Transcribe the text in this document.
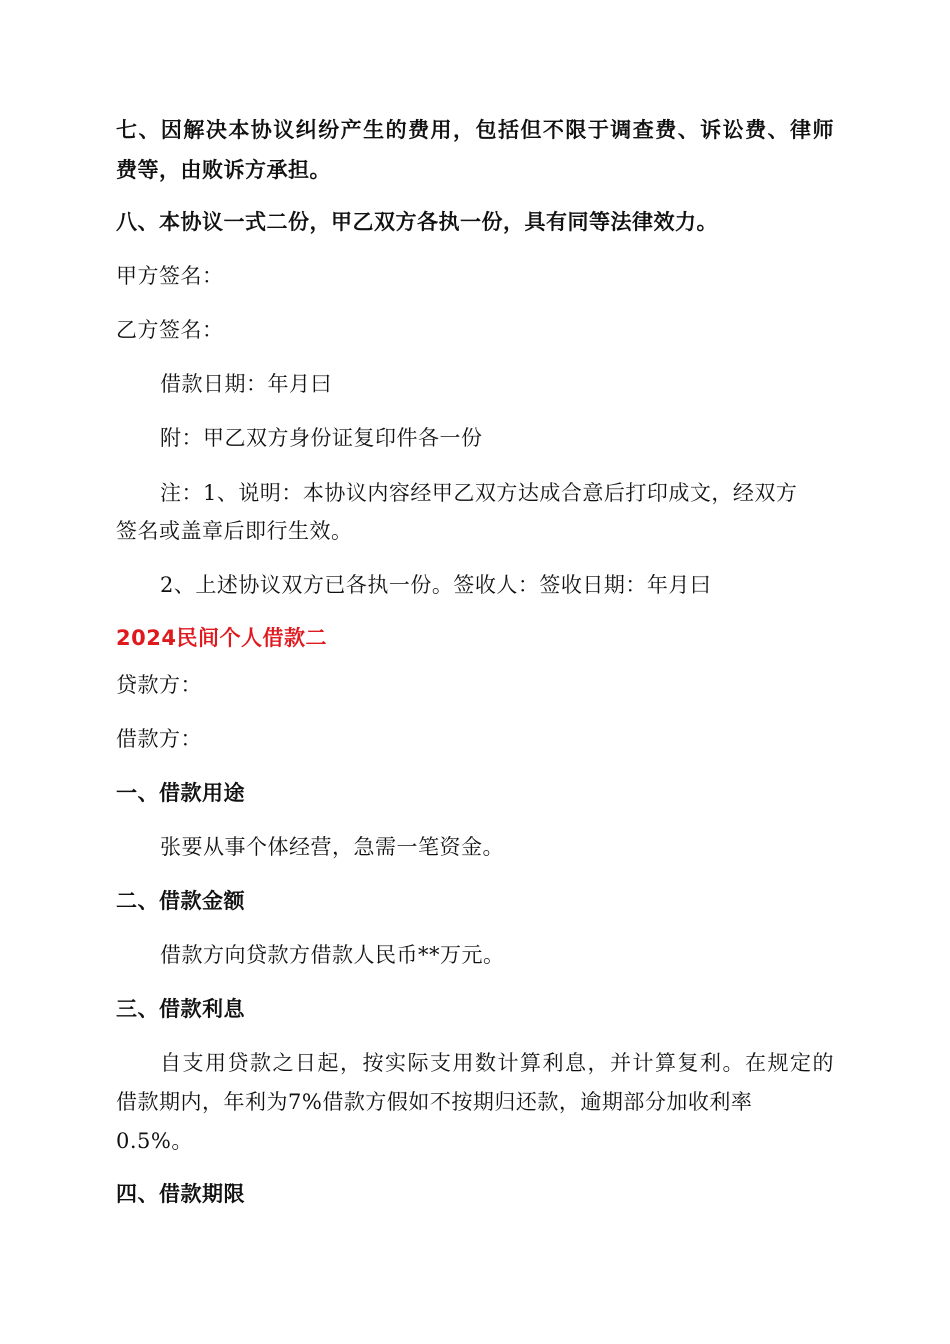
七、因解决本协议纠纷产生的费用，包括但不限于调查费、诉讼费、律师
费等，由败诉方承担。
八、本协议一式二份，甲乙双方各执一份，具有同等法律效力。
甲方签名：
乙方签名：
借款日期：年月曰
附：甲乙双方身份证复印件各一份
注：1、说明：本协议内容经甲乙双方达成合意后打印成文，经双方
签名或盖章后即行生效。
2、上述协议双方已各执一份。签收人：签收日期：年月曰
2024民间个人借款二
贷款方：
借款方：
一、借款用途
张要从事个体经营，急需一笔资金。
二、借款金额
借款方向贷款方借款人民币**万元。
三、借款利息
自支用贷款之日起，按实际支用数计算利息，并计算复利。在规定的
借款期内，年利为7%借款方假如不按期归还款，逾期部分加收利率
0.5%。
四、借款期限
